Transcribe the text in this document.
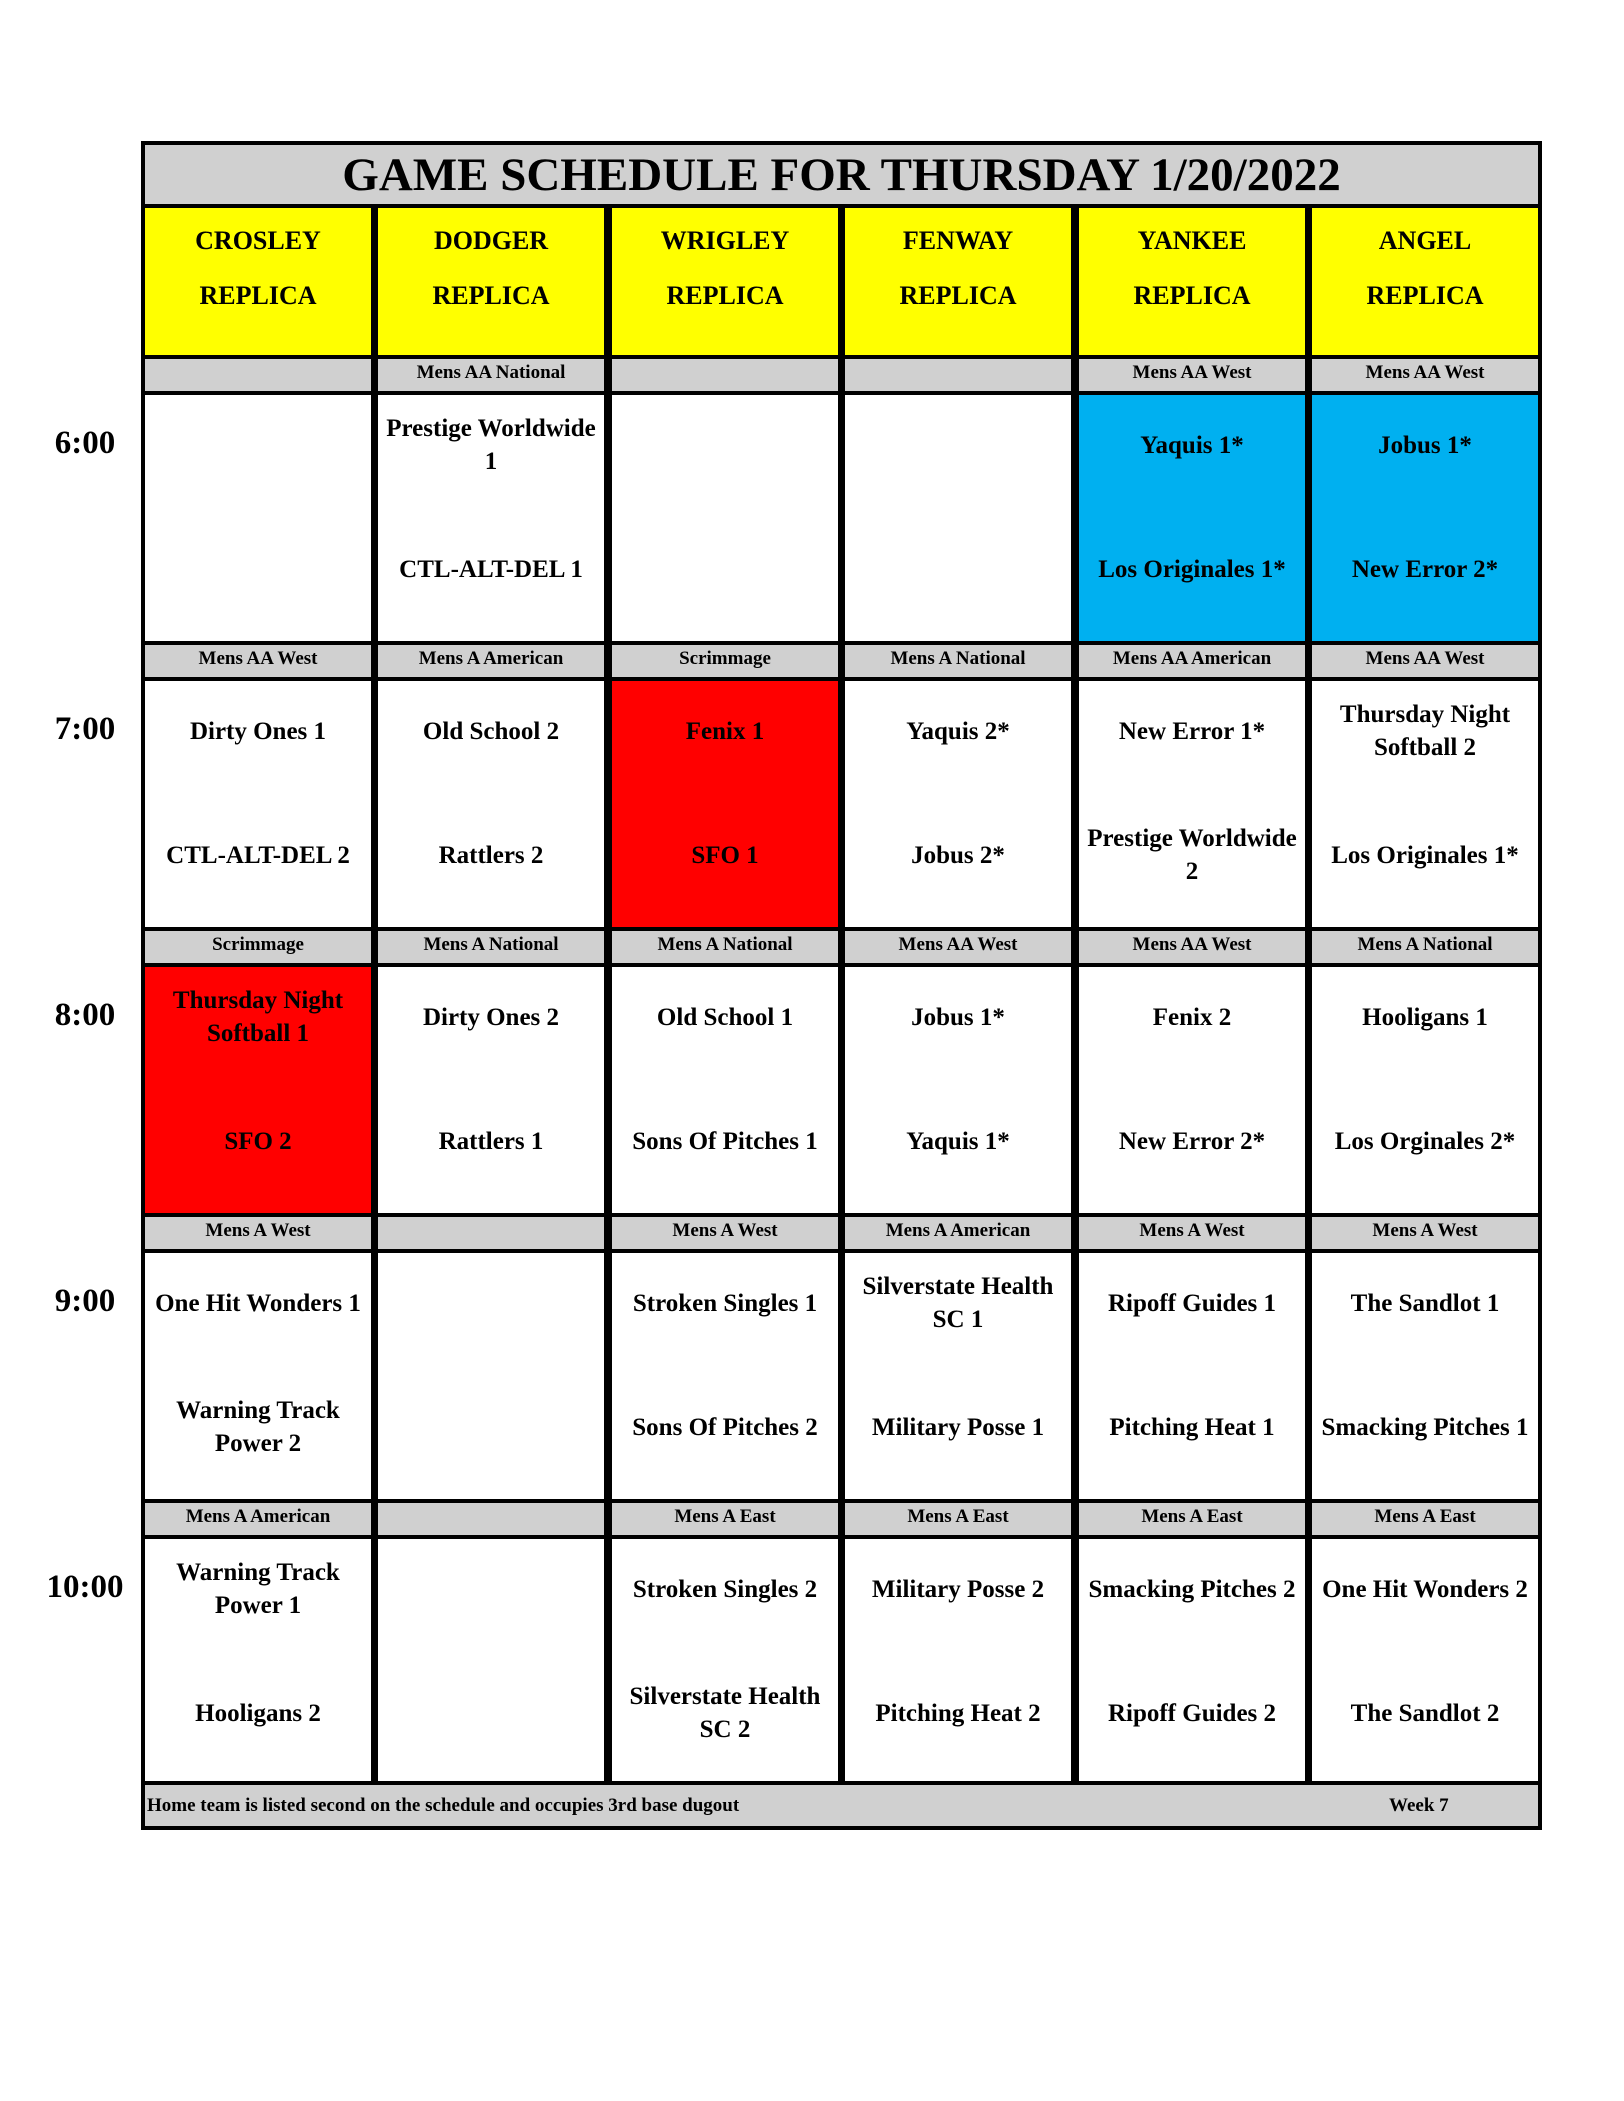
GAME SCHEDULE FOR THURSDAY 1/20/2022
CROSLEY
REPLICA
DODGER
REPLICA
WRIGLEY
REPLICA
FENWAY
REPLICA
YANKEE
REPLICA
ANGEL
REPLICA
Mens AA National
Prestige Worldwide 1
CTL-ALT-DEL 1
Mens AA West
Yaquis 1*
Los Originales 1*
Mens AA West
Jobus 1*
New Error 2*
Mens AA West
Dirty Ones 1
CTL-ALT-DEL 2
Mens A American
Old School 2
Rattlers 2
Scrimmage
Fenix 1
SFO 1
Mens A National
Yaquis 2*
Jobus 2*
Mens AA American
New Error 1*
Prestige Worldwide 2
Mens AA West
Thursday Night Softball 2
Los Originales 1*
Scrimmage
Thursday Night Softball 1
SFO 2
Mens A National
Dirty Ones 2
Rattlers 1
Mens A National
Old School 1
Sons Of Pitches 1
Mens AA West
Jobus 1*
Yaquis 1*
Mens AA West
Fenix 2
New Error 2*
Mens A National
Hooligans 1
Los Orginales 2*
Mens A West
One Hit Wonders 1
Warning Track Power 2
Mens A West
Stroken Singles 1
Sons Of Pitches 2
Mens A American
Silverstate Health SC 1
Military Posse 1
Mens A West
Ripoff Guides 1
Pitching Heat 1
Mens A West
The Sandlot 1
Smacking Pitches 1
Mens A American
Warning Track Power 1
Hooligans 2
Mens A East
Stroken Singles 2
Silverstate Health SC 2
Mens A East
Military Posse 2
Pitching Heat 2
Mens A East
Smacking Pitches 2
Ripoff Guides 2
Mens A East
One Hit Wonders 2
The Sandlot 2
Home team is listed second on the schedule and occupies 3rd base dugout	Week 7
6:00
7:00
8:00
9:00
10:00
